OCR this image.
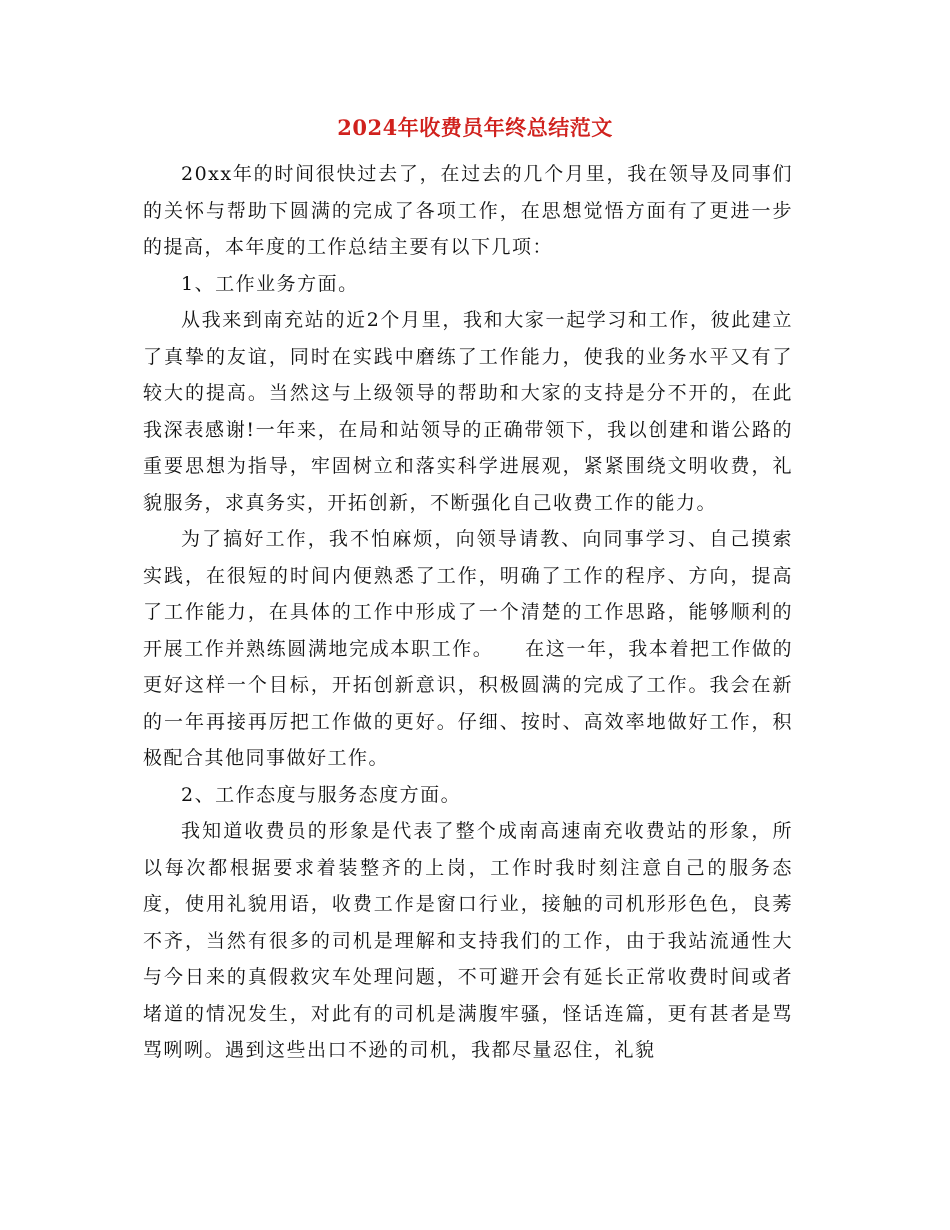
2024年收费员年终总结范文

20xx年的时间很快过去了，在过去的几个月里，我在领导及同事们的关怀与帮助下圆满的完成了各项工作，在思想觉悟方面有了更进一步的提高，本年度的工作总结主要有以下几项：

1、工作业务方面。

从我来到南充站的近2个月里，我和大家一起学习和工作，彼此建立了真挚的友谊，同时在实践中磨练了工作能力，使我的业务水平又有了较大的提高。当然这与上级领导的帮助和大家的支持是分不开的，在此我深表感谢!一年来，在局和站领导的正确带领下，我以创建和谐公路的重要思想为指导，牢固树立和落实科学进展观，紧紧围绕文明收费，礼貌服务，求真务实，开拓创新，不断强化自己收费工作的能力。

为了搞好工作，我不怕麻烦，向领导请教、向同事学习、自己摸索实践，在很短的时间内便熟悉了工作，明确了工作的程序、方向，提高了工作能力，在具体的工作中形成了一个清楚的工作思路，能够顺利的开展工作并熟练圆满地完成本职工作。　　在这一年，我本着把工作做的更好这样一个目标，开拓创新意识，积极圆满的完成了工作。我会在新的一年再接再厉把工作做的更好。仔细、按时、高效率地做好工作，积极配合其他同事做好工作。

2、工作态度与服务态度方面。

我知道收费员的形象是代表了整个成南高速南充收费站的形象，所以每次都根据要求着装整齐的上岗，工作时我时刻注意自己的服务态度，使用礼貌用语，收费工作是窗口行业，接触的司机形形色色，良莠不齐，当然有很多的司机是理解和支持我们的工作，由于我站流通性大与今日来的真假救灾车处理问题，不可避开会有延长正常收费时间或者堵道的情况发生，对此有的司机是满腹牢骚，怪话连篇，更有甚者是骂骂咧咧。遇到这些出口不逊的司机，我都尽量忍住，礼貌
